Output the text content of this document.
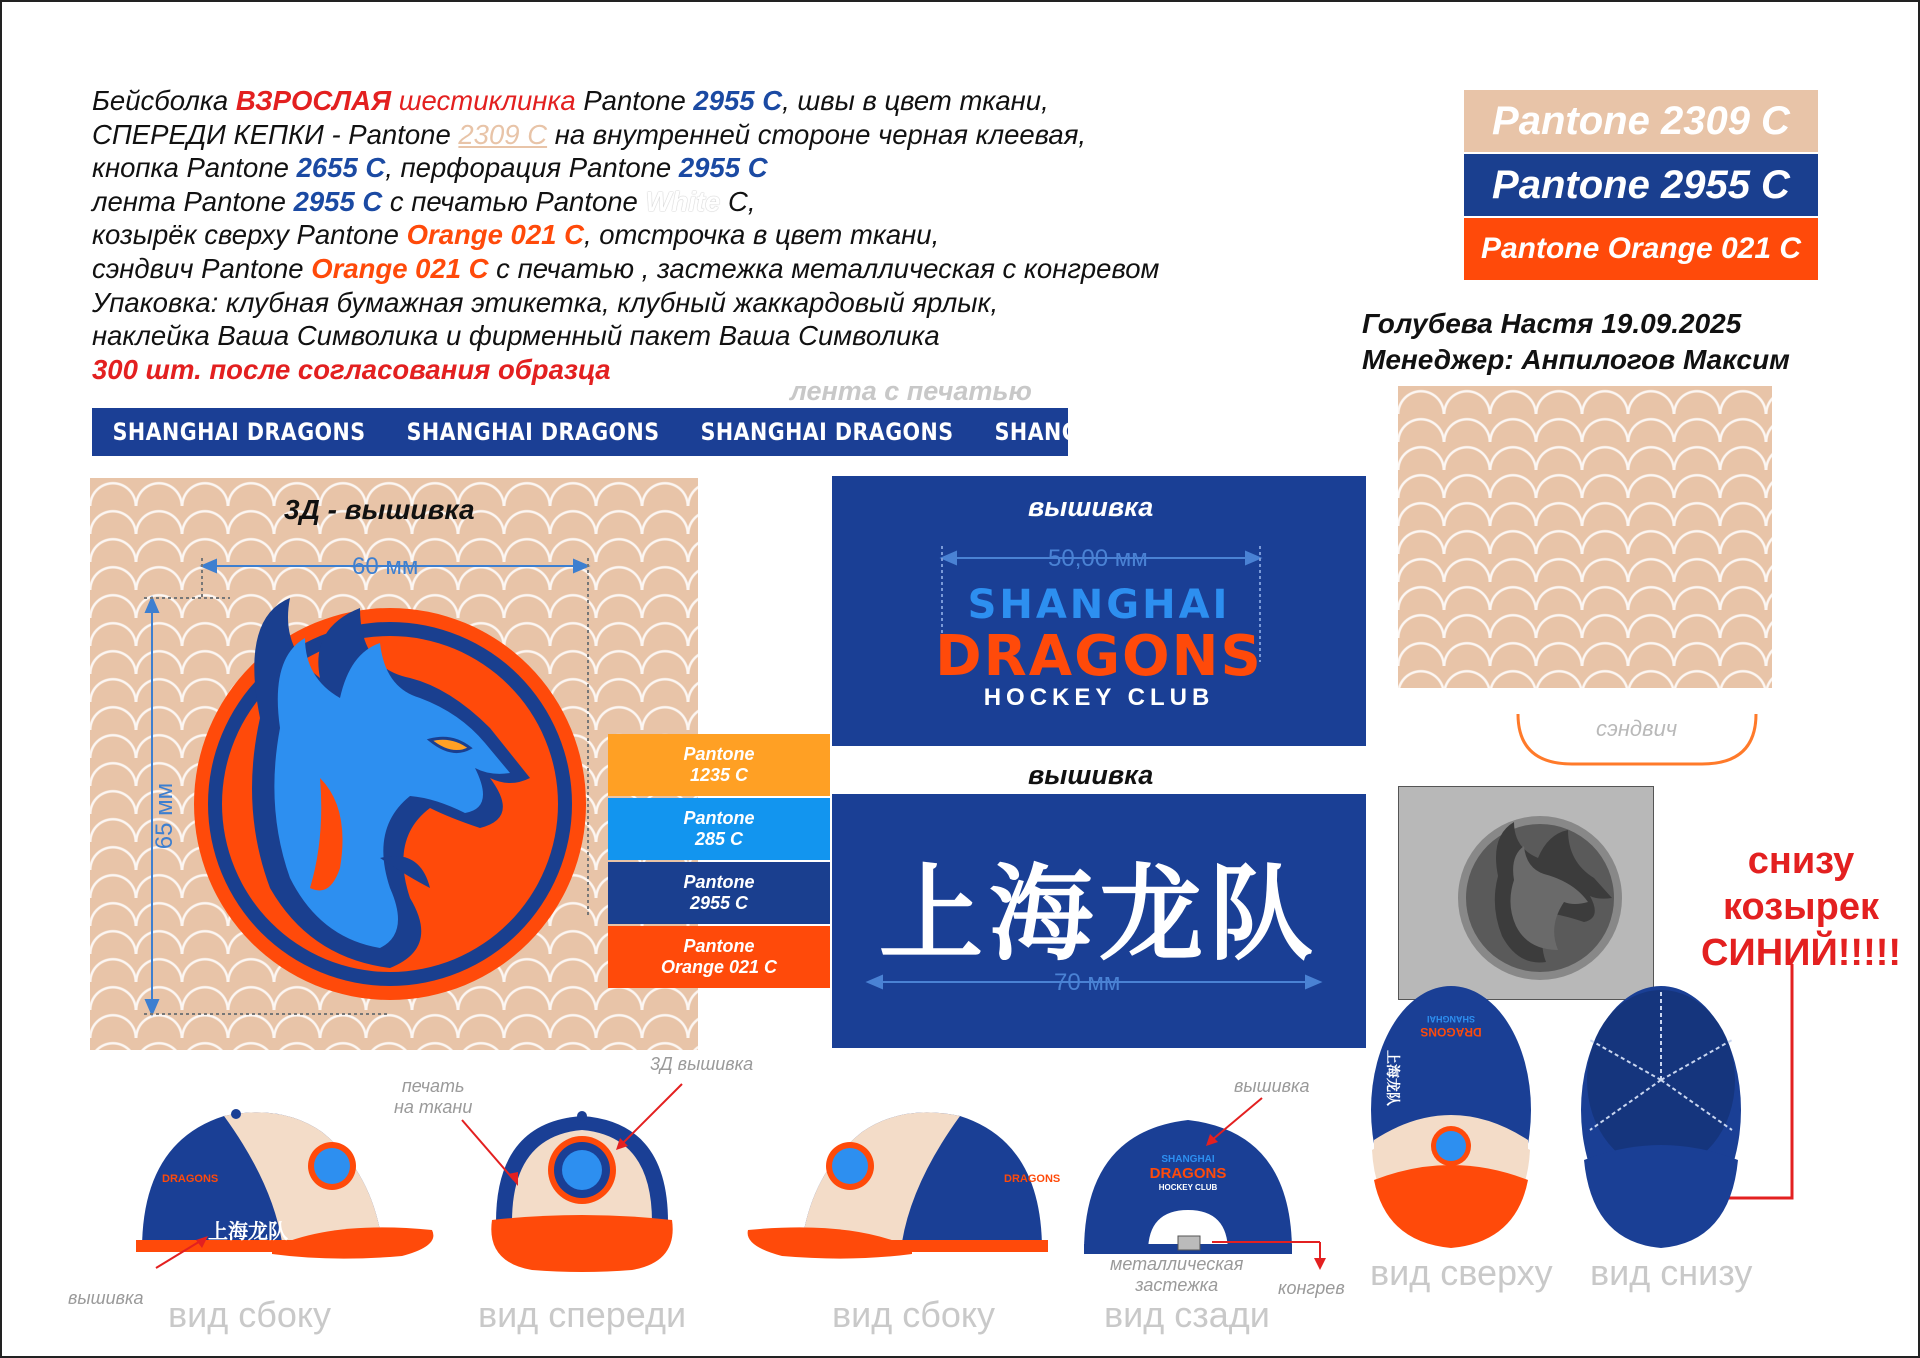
Бейсболка ВЗРОСЛАЯ шестиклинка Pantone 2955 C, швы в цвет ткани,
СПЕРЕДИ КЕПКИ - Pantone 2309 C на внутренней стороне черная клеевая,
кнопка Pantone 2655 C, перфорация Pantone 2955 C
лента Pantone 2955 C с печатью Pantone White C,
козырёк сверху Pantone Orange 021 C, отстрочка в цвет ткани,
сэндвич Pantone Orange 021 C с печатью , застежка металлическая с конгревом
Упаковка: клубная бумажная этикетка, клубный жаккардовый ярлык,
наклейка Ваша Символика и фирменный пакет Ваша Символика
300 шт. после согласования образца
Pantone 2309 C
Pantone 2955 C
Pantone Orange 021 C
Голубева Настя 19.09.2025
Менеджер: Анпилогов Максим
лента с печатью
SHANGHAI DRAGONS SHANGHAI DRAGONS SHANGHAI DRAGONS SHANGHAI DRAGONS
3Д - вышивка
60 мм
65 мм
Pantone
1235 C
Pantone
285 C
Pantone
2955 C
Pantone
Orange 021 C
вышивка
50,00 мм
SHANGHAI
DRAGONS
HOCKEY CLUB
вышивка
上海龙队
70 мм
сэндвич
снизу
козырек
СИНИЙ!!!!!
DRAGONS
上海龙队
вышивка вид сбоку
печать
на ткани
3Д вышивка
вид спереди
DRAGONS
вид сбоку
SHANGHAI
DRAGONS
HOCKEY CLUB
вышивка
металлическая
застежка	конгрев
вид сзади
SHANGHAI
DRAGONS
上海龙队
вид сверху вид снизу
